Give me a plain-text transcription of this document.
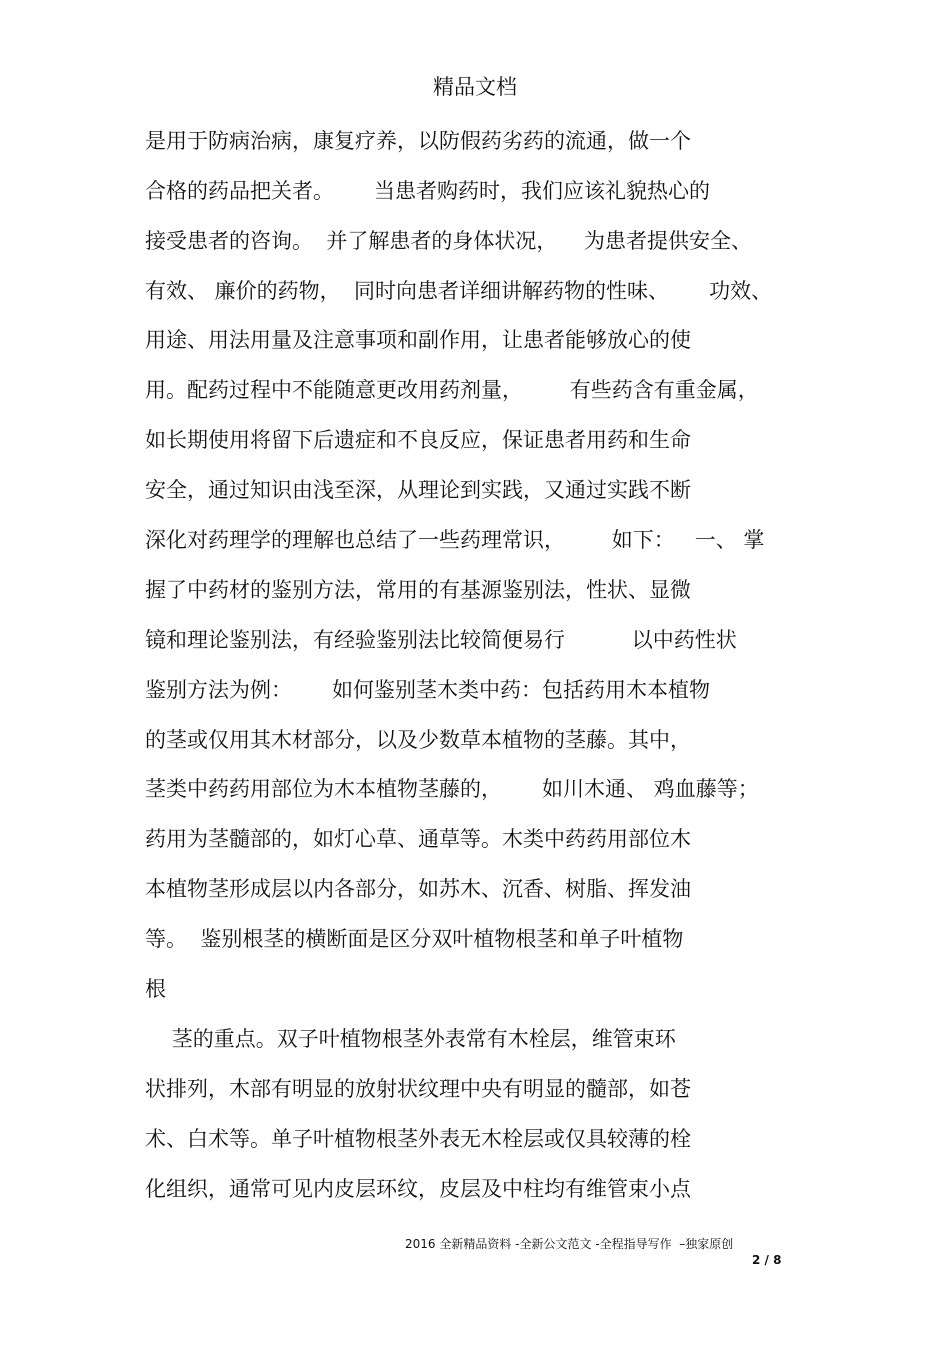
精品文档
是用于防病治病，康复疗养，以防假药劣药的流通，做一个
合格的药品把关者。      当患者购药时，我们应该礼貌热心的
接受患者的咨询。  并了解患者的身体状况，    为患者提供安全、
有效、 廉价的药物，  同时向患者详细讲解药物的性味、      功效、
用途、用法用量及注意事项和副作用，让患者能够放心的使
用。配药过程中不能随意更改用药剂量，       有些药含有重金属，
如长期使用将留下后遗症和不良反应，保证患者用药和生命
安全，通过知识由浅至深，从理论到实践，又通过实践不断
深化对药理学的理解也总结了一些药理常识，       如下：   一、 掌
握了中药材的鉴别方法，常用的有基源鉴别法，性状、显微
镜和理论鉴别法，有经验鉴别法比较简便易行          以中药性状
鉴别方法为例：      如何鉴别茎木类中药：包括药用木本植物
的茎或仅用其木材部分，以及少数草本植物的茎藤。其中，
茎类中药药用部位为木本植物茎藤的，      如川木通、 鸡血藤等；
药用为茎髓部的，如灯心草、通草等。木类中药药用部位木
本植物茎形成层以内各部分，如苏木、沉香、树脂、挥发油
等。  鉴别根茎的横断面是区分双叶植物根茎和单子叶植物
根
茎的重点。双子叶植物根茎外表常有木栓层，维管束环
状排列，木部有明显的放射状纹理中央有明显的髓部，如苍
术、白术等。单子叶植物根茎外表无木栓层或仅具较薄的栓
化组织，通常可见内皮层环纹，皮层及中柱均有维管束小点
2016 全新精品资料 -全新公文范文 -全程指导写作  –独家原创
2 / 8
